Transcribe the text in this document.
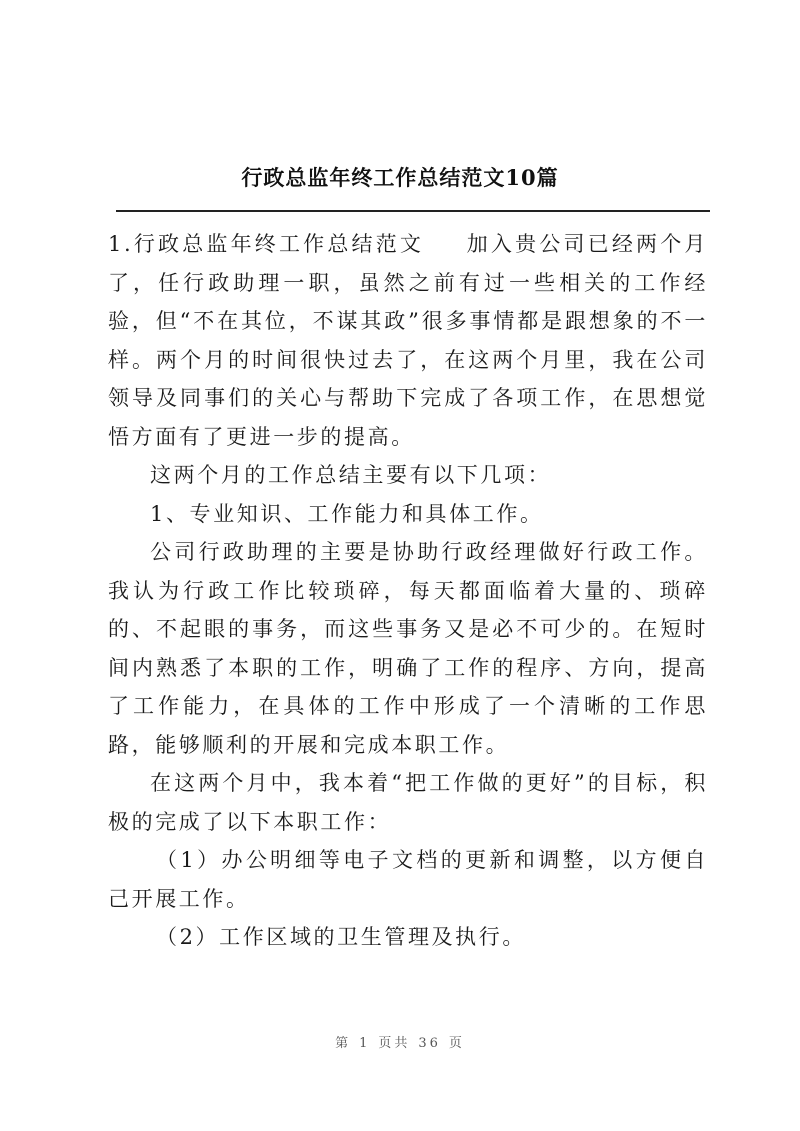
行政总监年终工作总结范文10篇

1.行政总监年终工作总结范文 加入贵公司已经两个月了，任行政助理一职，虽然之前有过一些相关的工作经验，但“不在其位，不谋其政”很多事情都是跟想象的不一样。两个月的时间很快过去了，在这两个月里，我在公司领导及同事们的关心与帮助下完成了各项工作，在思想觉悟方面有了更进一步的提高。

这两个月的工作总结主要有以下几项：

1、专业知识、工作能力和具体工作。

公司行政助理的主要是协助行政经理做好行政工作。我认为行政工作比较琐碎，每天都面临着大量的、琐碎的、不起眼的事务，而这些事务又是必不可少的。在短时间内熟悉了本职的工作，明确了工作的程序、方向，提高了工作能力，在具体的工作中形成了一个清晰的工作思路，能够顺利的开展和完成本职工作。

在这两个月中，我本着“把工作做的更好”的目标，积极的完成了以下本职工作：

（1）办公明细等电子文档的更新和调整，以方便自己开展工作。

（2）工作区域的卫生管理及执行。

第 1 页共 36 页
